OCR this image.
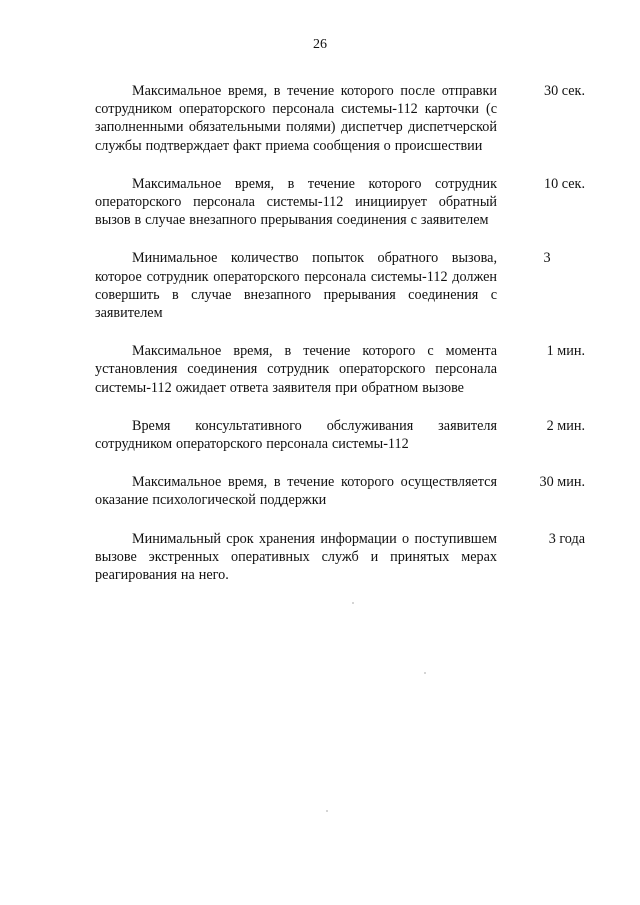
26
Максимальное время, в течение которого после отправки сотрудником операторского персонала системы-112 карточки (с заполненными обязательными полями) диспетчер диспетчерской службы подтверждает факт приема сообщения о происшествии
30 сек.
Максимальное время, в течение которого сотрудник операторского персонала системы-112 инициирует обратный вызов в случае внезапного прерывания соединения с заявителем
10 сек.
Минимальное количество попыток обратного вызова, которое сотрудник операторского персонала системы-112 должен совершить в случае внезапного прерывания соединения с заявителем
3
Максимальное время, в течение которого с момента установления соединения сотрудник операторского персонала системы-112 ожидает ответа заявителя при обратном вызове
1 мин.
Время консультативного обслуживания заявителя сотрудником операторского персонала системы-112
2 мин.
Максимальное время, в течение которого осуществляется оказание психологической поддержки
30 мин.
Минимальный срок хранения информации о поступившем вызове экстренных оперативных служб и принятых мерах реагирования на него.
3 года
